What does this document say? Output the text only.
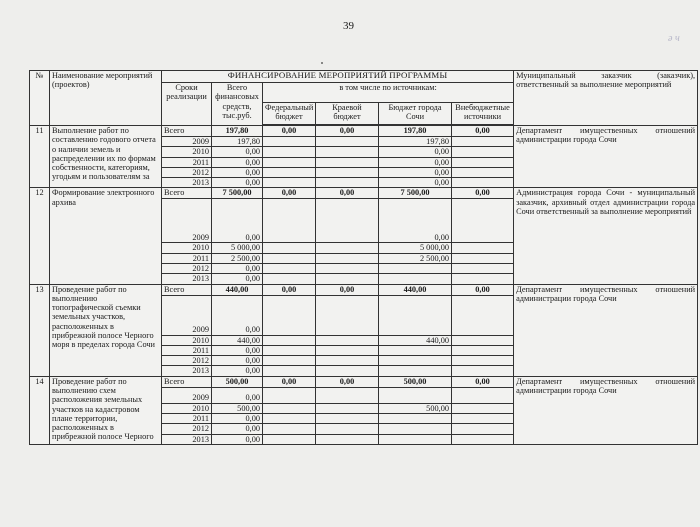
39
ǝ ч
№	Наименование мероприятий (проектов)	ФИНАНСИРОВАНИЕ МЕРОПРИЯТИЙ ПРОГРАММЫ						Муниципальный заказчик (заказчик), ответственный за выполнение мероприятий
		Сроки реализации	Всего финансовых средств, тыс.руб.	в том числе по источникам:				
				Федеральный бюджет	Краевой бюджет	Бюджет города Сочи	Внебюджетные источники	

11	Выполнение работ по составлению годового отчета о наличии земель и распределении их по формам собственности, категориям, угодьям и пользователям за	Всего	197,80	0,00	0,00	197,80	0,00	Департамент имущественных отношений администрации города Сочи
		2009	197,80			197,80		
		2010	0,00			0,00		
		2011	0,00			0,00		
		2012	0,00			0,00		
		2013	0,00			0,00		
12	Формирование электронного архива	Всего	7 500,00	0,00	0,00	7 500,00	0,00	Администрация города Сочи - муниципальный заказчик, архивный отдел администрации города Сочи ответственный за выполнение мероприятий
		2009	0,00			0,00		
		2010	5 000,00			5 000,00		
		2011	2 500,00			2 500,00		
		2012	0,00					
		2013	0,00					
13	Проведение работ по выполнению топографической съемки земельных участков, расположенных в прибрежной полосе Черного моря в пределах города Сочи	Всего	440,00	0,00	0,00	440,00	0,00	Департамент имущественных отношений администрации города Сочи
		2009	0,00					
		2010	440,00			440,00		
		2011	0,00					
		2012	0,00					
		2013	0,00					
14	Проведение работ по выполнению схем расположения земельных участков на кадастровом плане территории, расположенных в прибрежной полосе Черного	Всего	500,00	0,00	0,00	500,00	0,00	Департамент имущественных отношений администрации города Сочи
		2009	0,00					
		2010	500,00			500,00		
		2011	0,00					
		2012	0,00					
		2013	0,00					
